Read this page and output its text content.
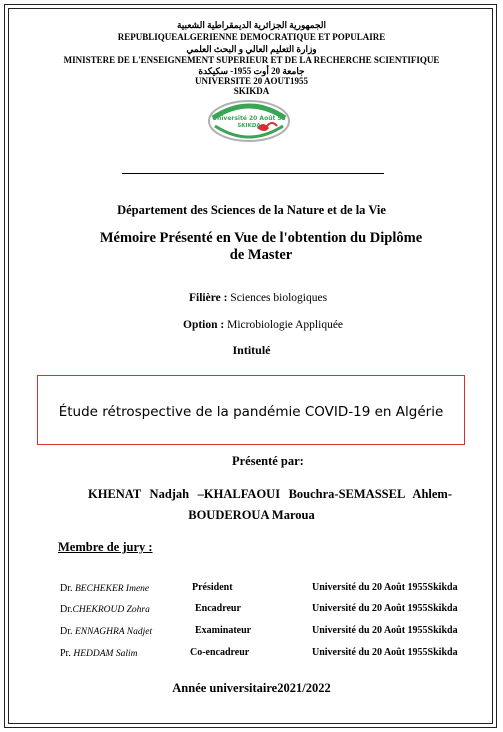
الجمهورية الجزائرية الديمقراطية الشعبية
REPUBLIQUEALGERIENNE DEMOCRATIQUE ET POPULAIRE
وزارة التعليم العالي و البحث العلمي
MINISTERE DE L'ENSEIGNEMENT SUPERIEUR ET DE LA RECHERCHE SCIENTIFIQUE
جامعة 20 أوت 1955- سكيكدة
UNIVERSITE 20 AOUT1955
SKIKDA
Université 20 Août 55
SKIKDA
Département des Sciences de la Nature et de la Vie
Mémoire Présenté en Vue de l'obtention du Diplôme de Master
Filière : Sciences biologiques
Option : Microbiologie Appliquée
Intitulé
Étude rétrospective de la pandémie COVID-19 en Algérie
Présenté par:
KHENAT Nadjah –KHALFAOUI Bouchra-SEMASSEL Ahlem-
BOUDEROUA Maroua
Membre de jury :
Dr. BECHEKER Imene	Président	Université du 20 Août 1955Skikda
Dr.CHEKROUD Zohra	Encadreur	Université du 20 Août 1955Skikda
Dr. ENNAGHRA Nadjet	Examinateur	Université du 20 Août 1955Skikda
Pr. HEDDAM Salim	Co-encadreur	Université du 20 Août 1955Skikda
Année universitaire2021/2022
